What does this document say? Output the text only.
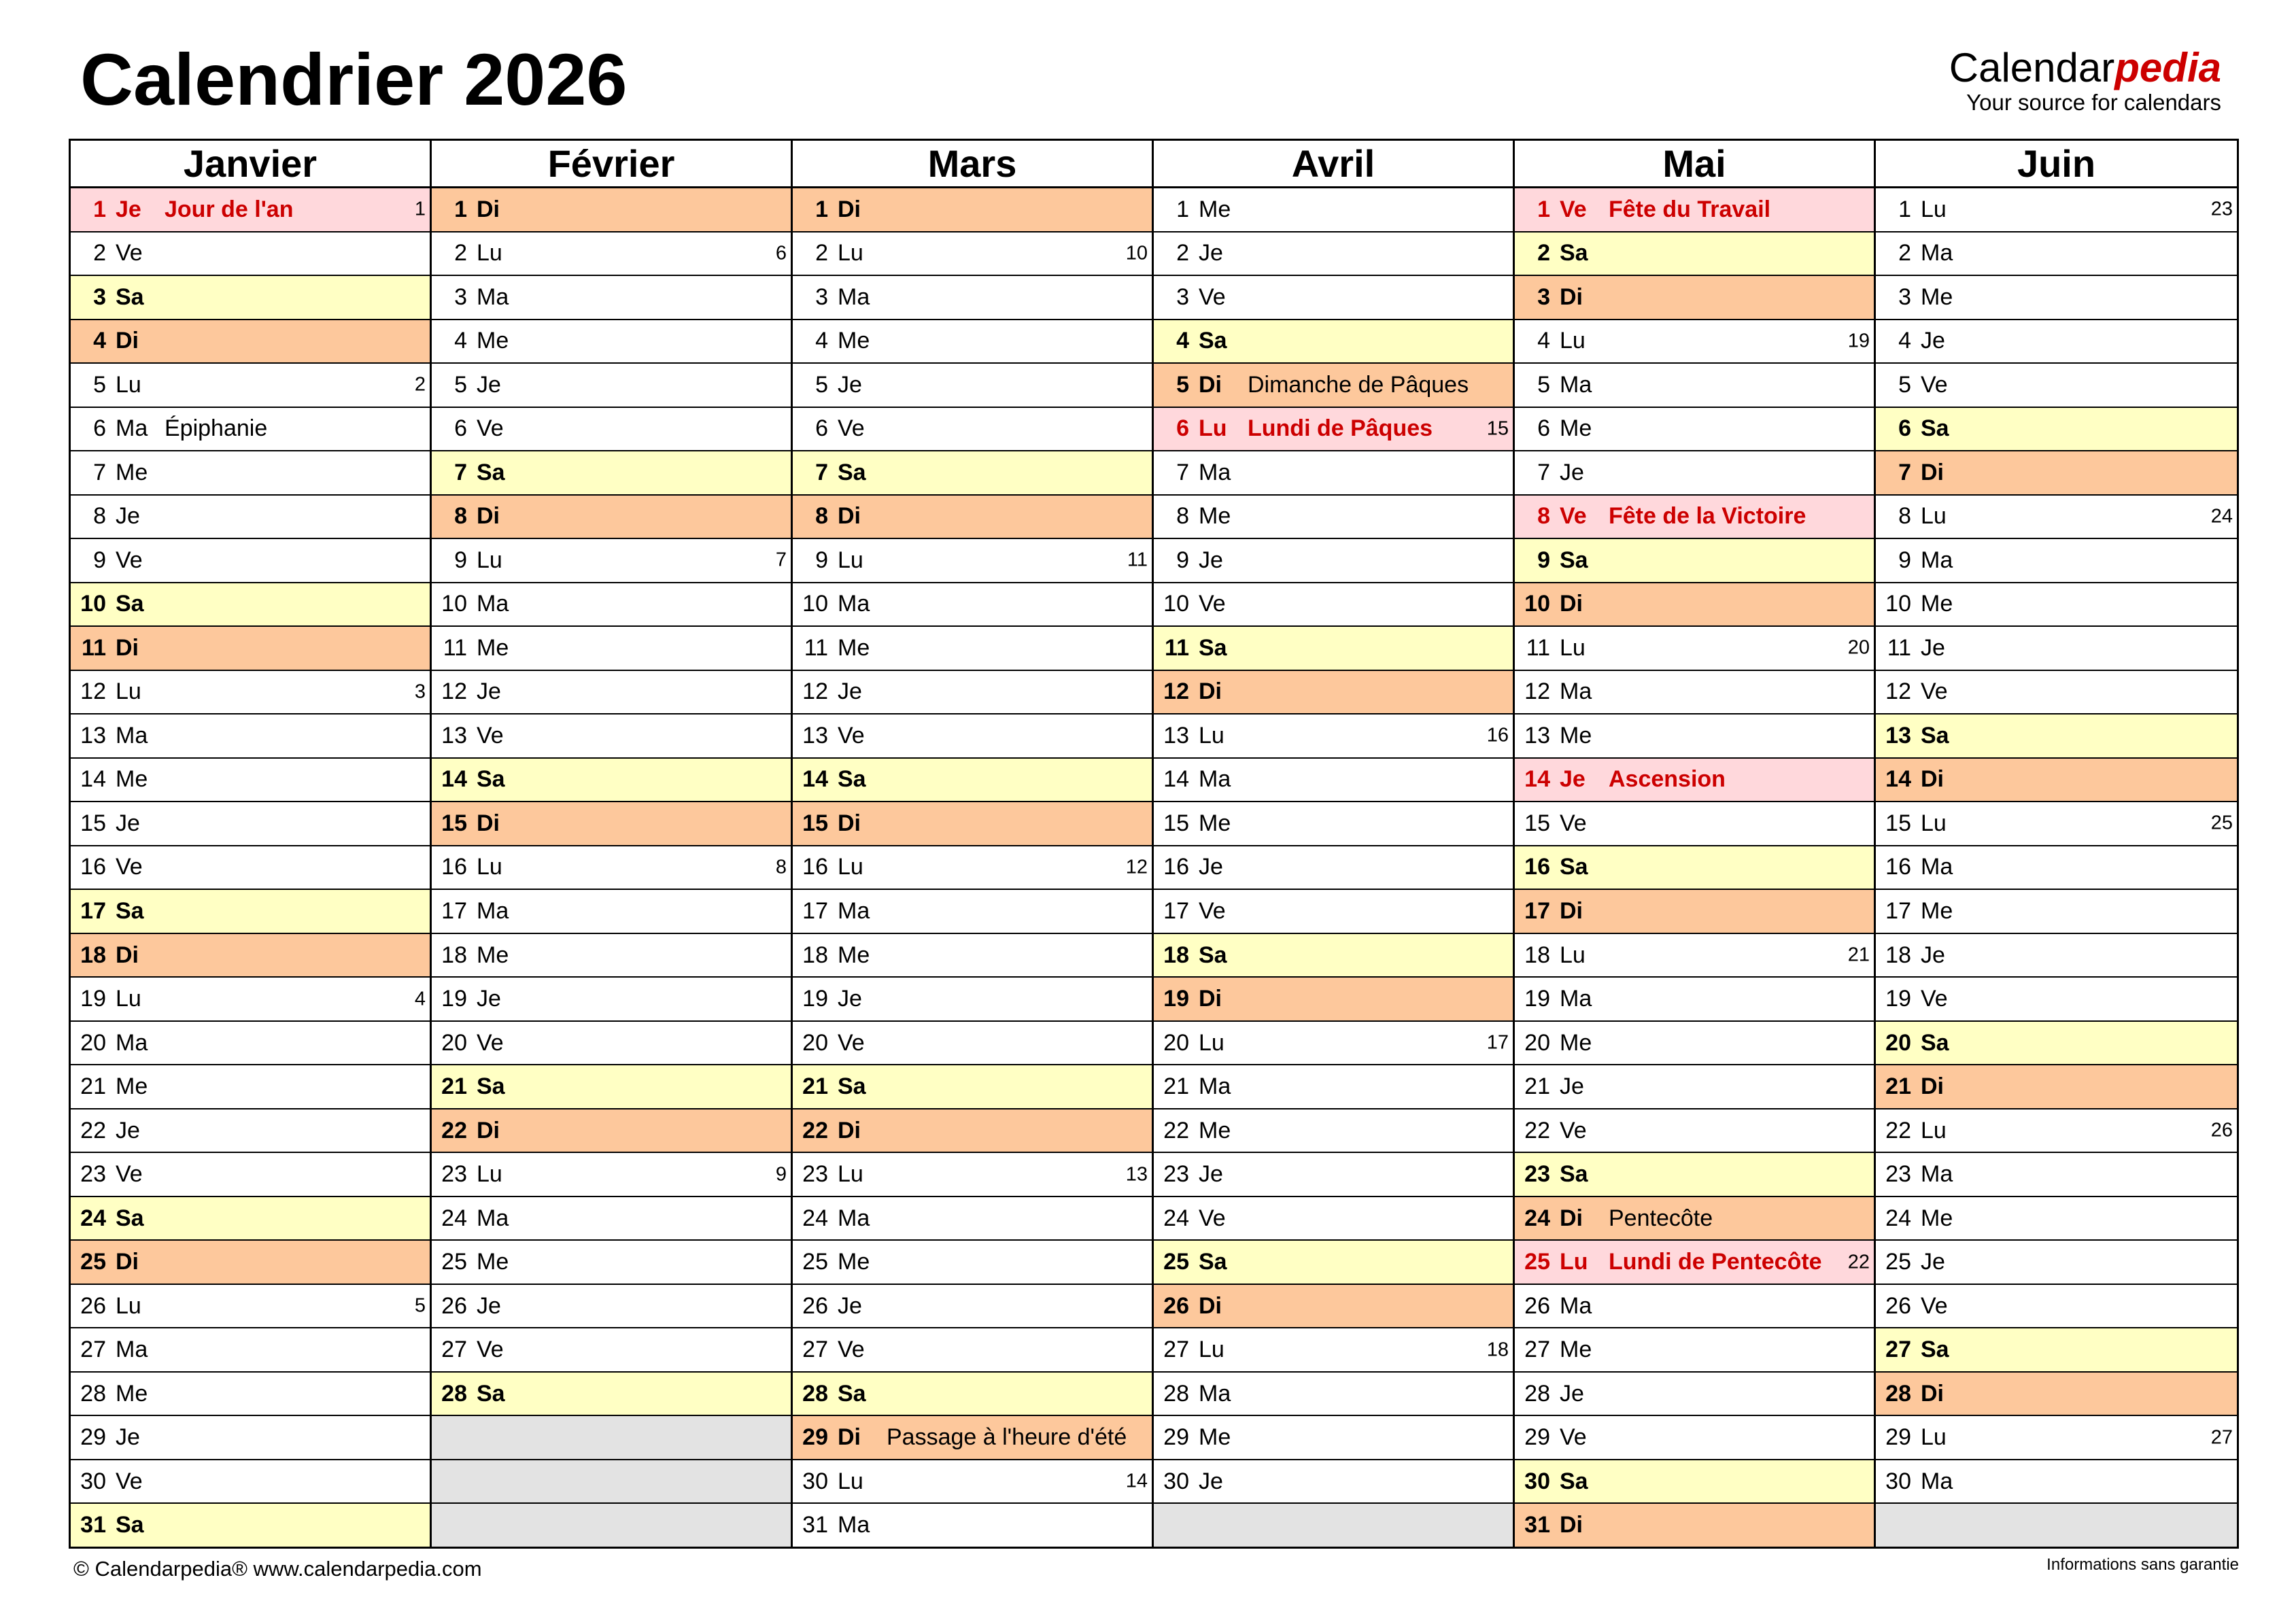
Calendrier 2026	Calendarpedia
Your source for calendars
Janvier
1 Je	Jour de l'an	1
2 Ve
3 Sa
4 Di
5 Lu	2
6 Ma Épiphanie
7 Me
8 Je
9 Ve
10 Sa
11 Di
12 Lu	3
13 Ma
14 Me
15 Je
16 Ve
17 Sa
18 Di
19 Lu	4
20 Ma
21 Me
22 Je
23 Ve
24 Sa
25 Di
26 Lu	5
27 Ma
28 Me
29 Je
30 Ve
31 Sa
Février
1 Di
2 Lu	6
3 Ma
4 Me
5 Je
6 Ve
7 Sa
8 Di
9 Lu	7
10 Ma
11 Me
12 Je
13 Ve
14 Sa
15 Di
16 Lu	8
17 Ma
18 Me
19 Je
20 Ve
21 Sa
22 Di
23 Lu	9
24 Ma
25 Me
26 Je
27 Ve
28 Sa
Mars
1 Di
2 Lu	10
3 Ma
4 Me
5 Je
6 Ve
7 Sa
8 Di
9 Lu	11
10 Ma
11 Me
12 Je
13 Ve
14 Sa
15 Di
16 Lu	12
17 Ma
18 Me
19 Je
20 Ve
21 Sa
22 Di
23 Lu	13
24 Ma
25 Me
26 Je
27 Ve
28 Sa
29 Di	Passage à l'heure d'été
30 Lu	14
31 Ma
Avril
1 Me
2 Je
3 Ve
4 Sa
5 Di	Dimanche de Pâques
6 Lu Lundi de Pâques	15
7 Ma
8 Me
9 Je
10 Ve
11 Sa
12 Di
13 Lu	16
14 Ma
15 Me
16 Je
17 Ve
18 Sa
19 Di
20 Lu	17
21 Ma
22 Me
23 Je
24 Ve
25 Sa
26 Di
27 Lu	18
28 Ma
29 Me
30 Je
Mai
1 Ve Fête du Travail
2 Sa
3 Di
4 Lu	19
5 Ma
6 Me
7 Je
8 Ve Fête de la Victoire
9 Sa
10 Di
11 Lu	20
12 Ma
13 Me
14 Je	Ascension
15 Ve
16 Sa
17 Di
18 Lu	21
19 Ma
20 Me
21 Je
22 Ve
23 Sa
24 Di	Pentecôte
25 Lu Lundi de Pentecôte 22
26 Ma
27 Me
28 Je
29 Ve
30 Sa
31 Di
Juin
1 Lu	23
2 Ma
3 Me
4 Je
5 Ve
6 Sa
7 Di
8 Lu	24
9 Ma
10 Me
11 Je
12 Ve
13 Sa
14 Di
15 Lu	25
16 Ma
17 Me
18 Je
19 Ve
20 Sa
21 Di
22 Lu	26
23 Ma
24 Me
25 Je
26 Ve
27 Sa
28 Di
29 Lu	27
30 Ma
© Calendarpedia® www.calendarpedia.com	Informations sans garantie
